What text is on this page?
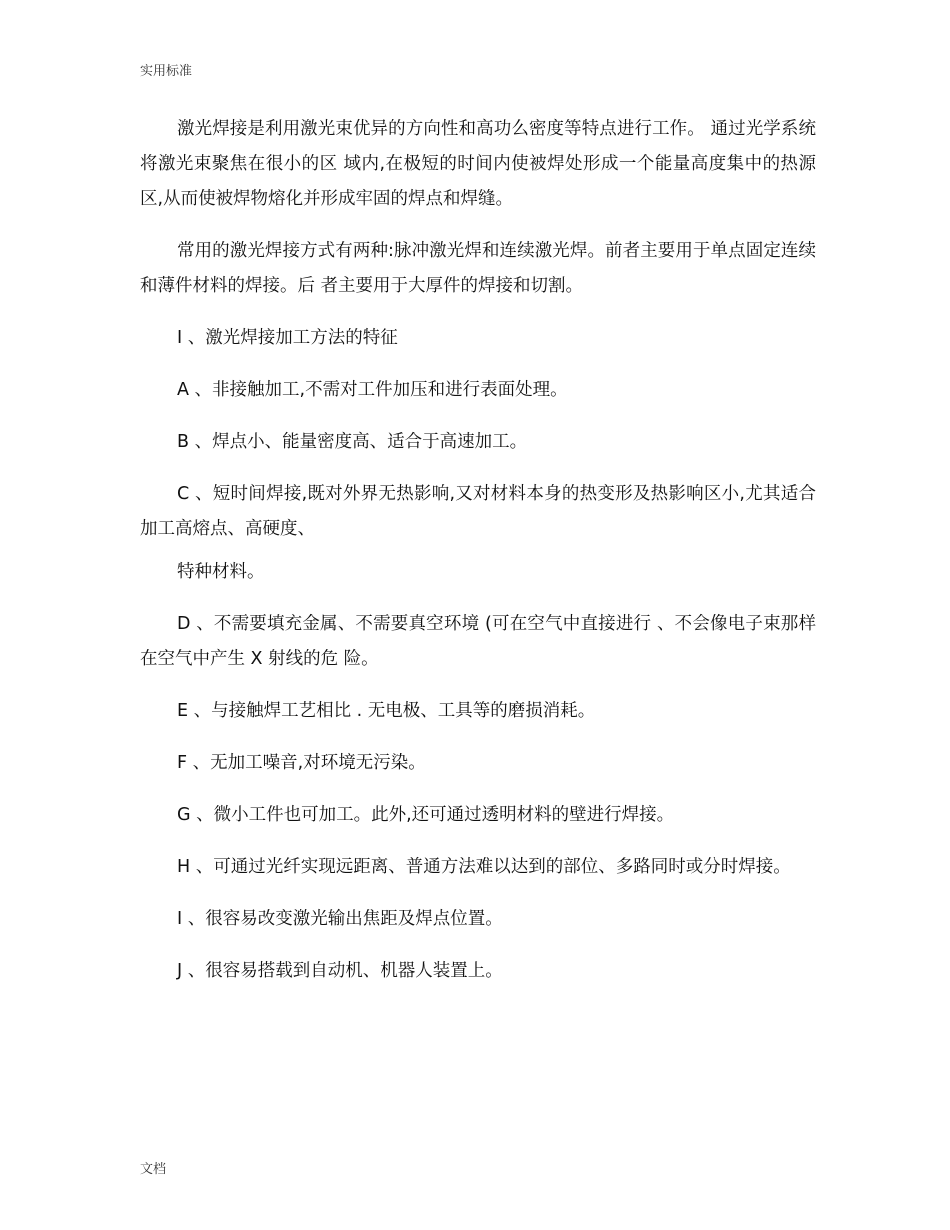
实用标准

激光焊接是利用激光束优异的方向性和高功么密度等特点进行工作。 通过光学系统将激光束聚焦在很小的区 域内,在极短的时间内使被焊处形成一个能量高度集中的热源区,从而使被焊物熔化并形成牢固的焊点和焊缝。

常用的激光焊接方式有两种:脉冲激光焊和连续激光焊。前者主要用于单点固定连续和薄件材料的焊接。后 者主要用于大厚件的焊接和切割。

I 、激光焊接加工方法的特征

A 、非接触加工,不需对工件加压和进行表面处理。

B 、焊点小、能量密度高、适合于高速加工。

C 、短时间焊接,既对外界无热影响,又对材料本身的热变形及热影响区小,尤其适合加工高熔点、高硬度、

特种材料。

D 、不需要填充金属、不需要真空环境 (可在空气中直接进行 、不会像电子束那样在空气中产生 X 射线的危 险。

E 、与接触焊工艺相比 . 无电极、工具等的磨损消耗。

F 、无加工噪音,对环境无污染。

G 、微小工件也可加工。此外,还可通过透明材料的壁进行焊接。

H 、可通过光纤实现远距离、普通方法难以达到的部位、多路同时或分时焊接。

I 、很容易改变激光输出焦距及焊点位置。

J 、很容易搭载到自动机、机器人装置上。

文档
